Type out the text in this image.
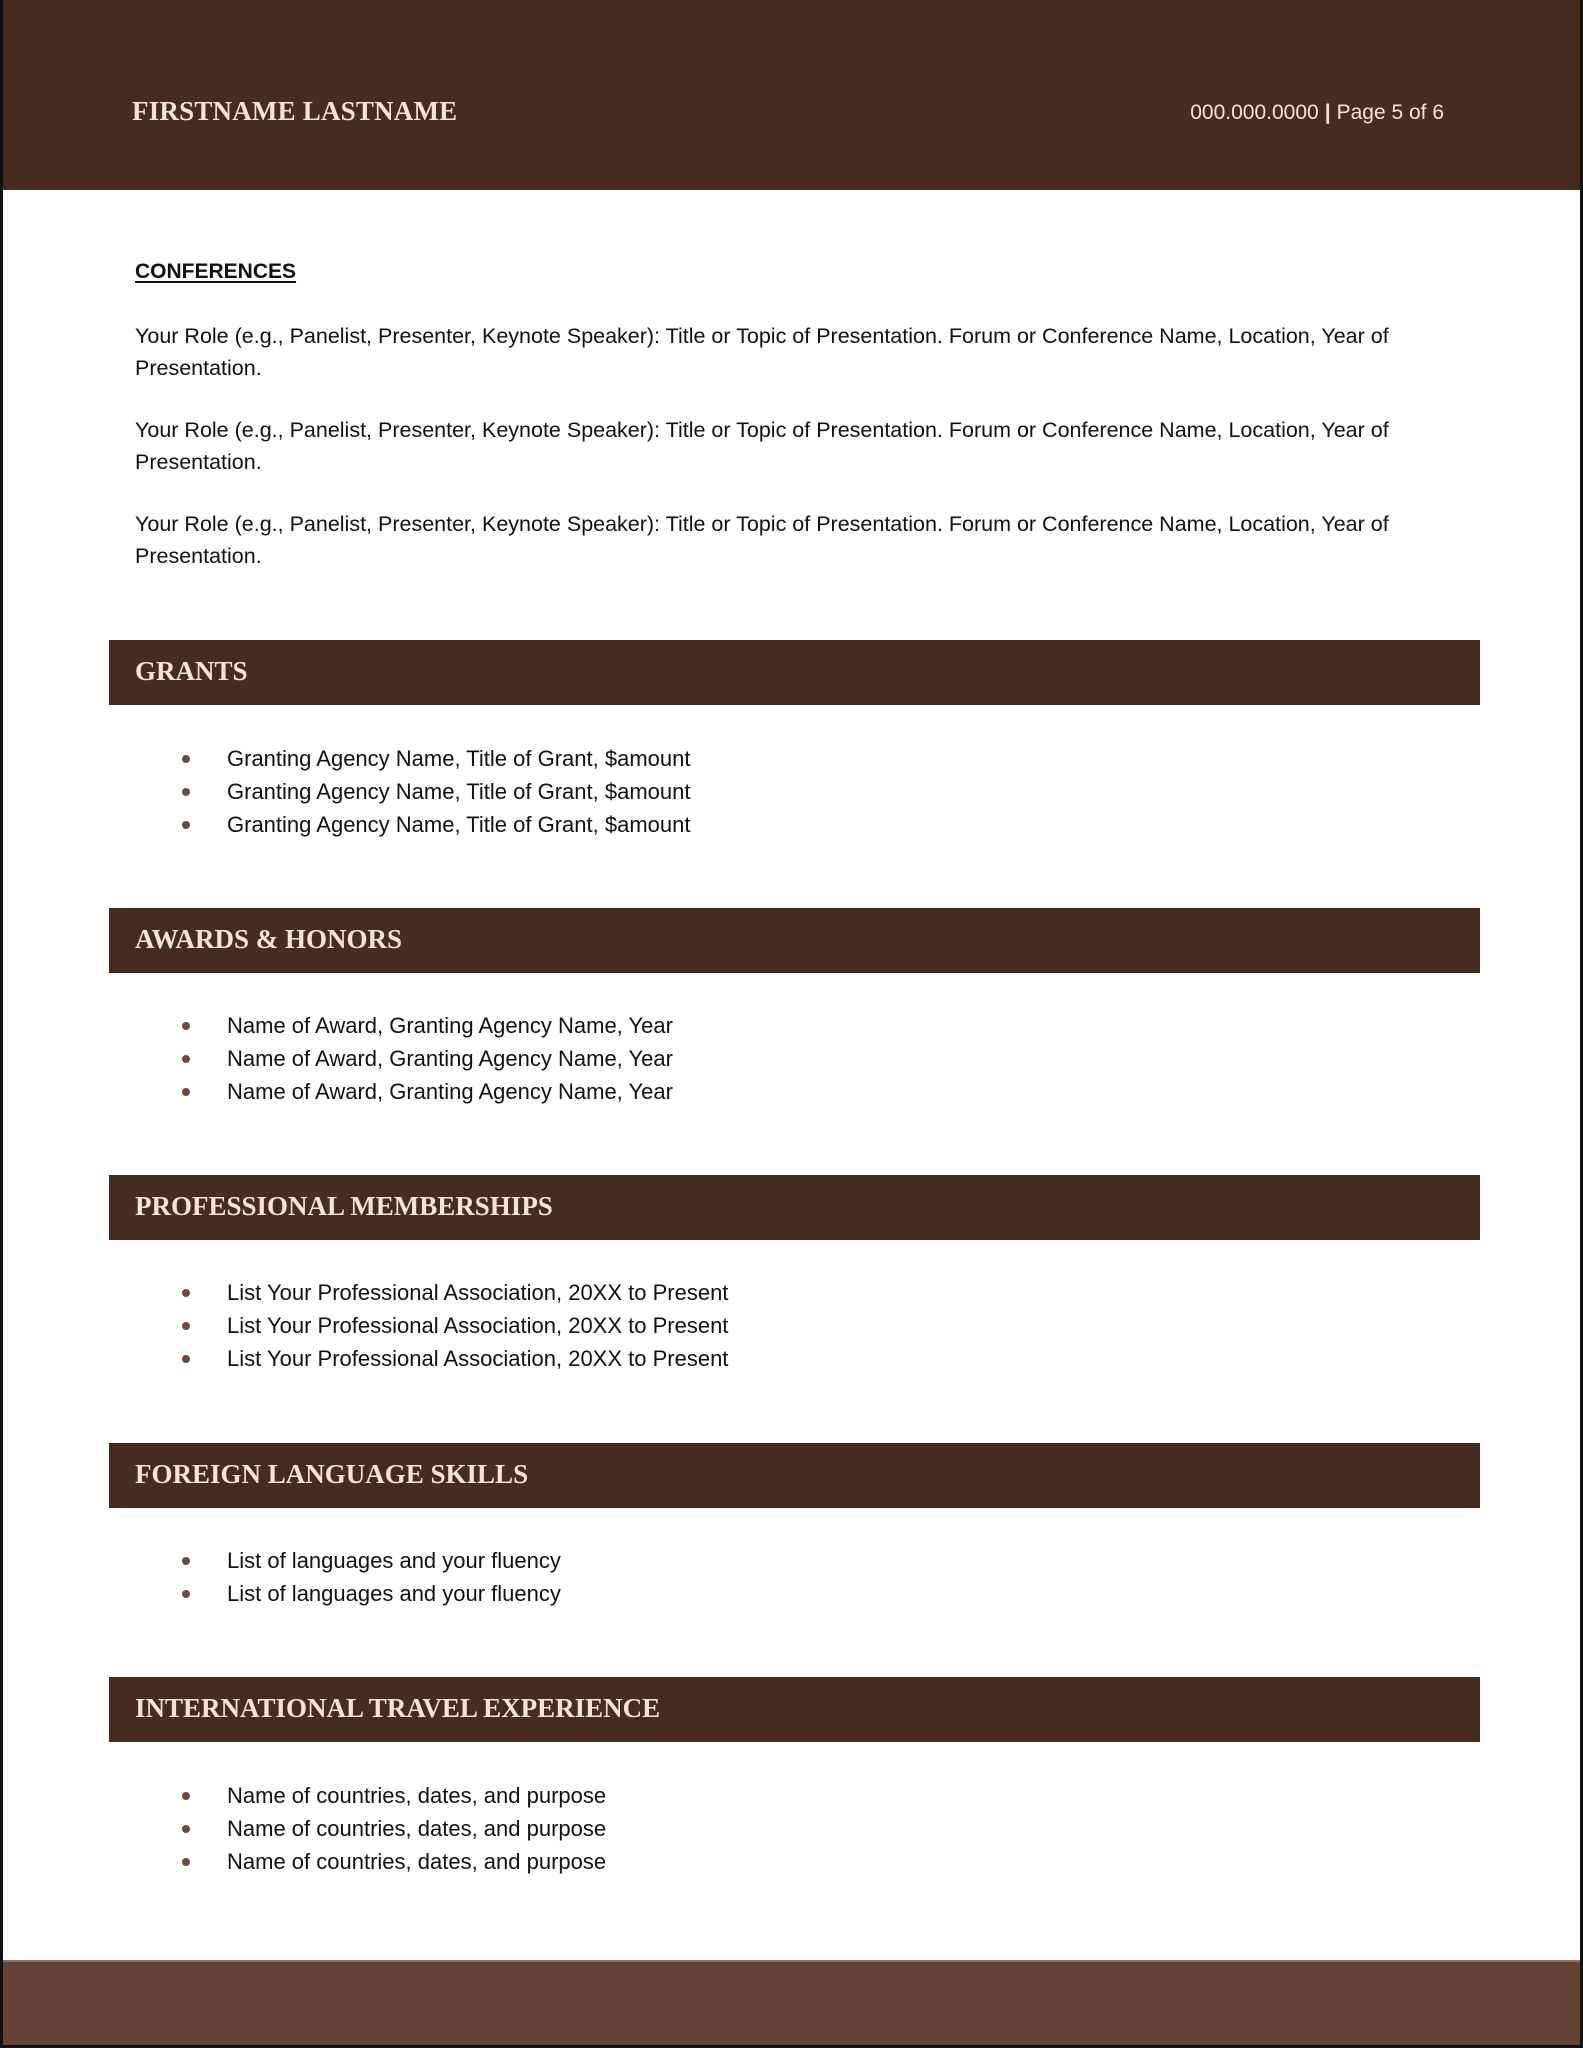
FIRSTNAME LASTNAME	000.000.0000 | Page 5 of 6
CONFERENCES

Your Role (e.g., Panelist, Presenter, Keynote Speaker): Title or Topic of Presentation. Forum or Conference Name, Location, Year of Presentation.

Your Role (e.g., Panelist, Presenter, Keynote Speaker): Title or Topic of Presentation. Forum or Conference Name, Location, Year of Presentation.

Your Role (e.g., Panelist, Presenter, Keynote Speaker): Title or Topic of Presentation. Forum or Conference Name, Location, Year of Presentation.

GRANTS
Granting Agency Name, Title of Grant, $amount
Granting Agency Name, Title of Grant, $amount
Granting Agency Name, Title of Grant, $amount
AWARDS & HONORS
Name of Award, Granting Agency Name, Year
Name of Award, Granting Agency Name, Year
Name of Award, Granting Agency Name, Year
PROFESSIONAL MEMBERSHIPS
List Your Professional Association, 20XX to Present
List Your Professional Association, 20XX to Present
List Your Professional Association, 20XX to Present
FOREIGN LANGUAGE SKILLS
List of languages and your fluency
List of languages and your fluency
INTERNATIONAL TRAVEL EXPERIENCE
Name of countries, dates, and purpose
Name of countries, dates, and purpose
Name of countries, dates, and purpose
